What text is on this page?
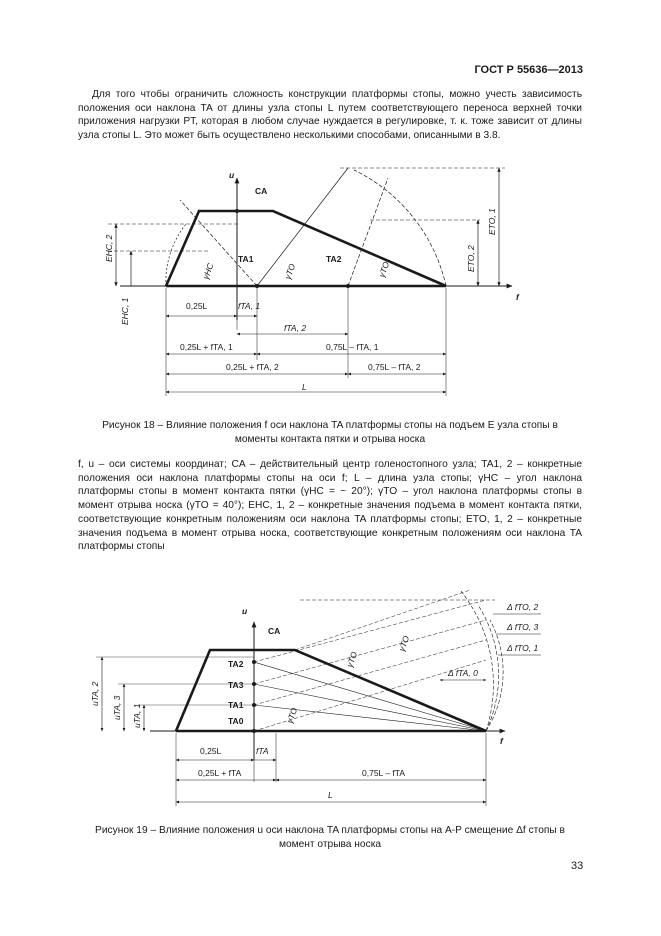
ГОСТ Р 55636—2013
Для того чтобы ограничить сложность конструкции платформы стопы, можно учесть зависимость положения оси наклона TA от длины узла стопы L путем соответствующего переноса верхней точки приложения нагрузки PT, которая в любом случае нуждается в регулировке, т. к. тоже зависит от длины узла стопы L. Это может быть осуществлено несколькими способами, описанными в 3.8.
u
f
CA
TA1	TA2
EHC, 2
EHC, 1
ETO, 1
ETO, 2
γHC	γTO	γTO
0,25L	fTA, 1
fTA, 2
0,25L + fTA, 1	0,75L – fTA, 1
0,25L + fTA, 2	0,75L – fTA, 2
L
Рисунок 18 – Влияние положения f оси наклона TA платформы стопы на подъем E узла стопы в
моменты контакта пятки и отрыва носка
f, u – оси системы координат; CA – действительный центр голеностопного узла; TA1, 2 – конкретные положения оси наклона платформы стопы на оси f; L – длина узла стопы; γHC – угол наклона платформы стопы в момент контакта пятки (γHC = ~ 20°); γTO – угол наклона платформы стопы в момент отрыва носка (γTO = 40°); EHC, 1, 2 – конкретные значения подъема в момент контакта пятки, соответствующие конкретным положениям оси наклона TA платформы стопы; ETO, 1, 2 – конкретные значения подъема в момент отрыва носка, соответствующие конкретным положениям оси наклона TA платформы стопы
u
f
CA
TA2
TA3
TA1
TA0
uTA, 2
uTA, 3 uTA, 1
Δ fTO, 2
Δ fTO, 3
Δ fTO, 1
Δ fTA, 0
γTO
γTO
γTO
0,25L	fTA
0,25L + fTA	0,75L – fTA
L
Рисунок 19 – Влияние положения u оси наклона TA платформы стопы на A-P смещение Δf стопы в
момент отрыва носка
33
